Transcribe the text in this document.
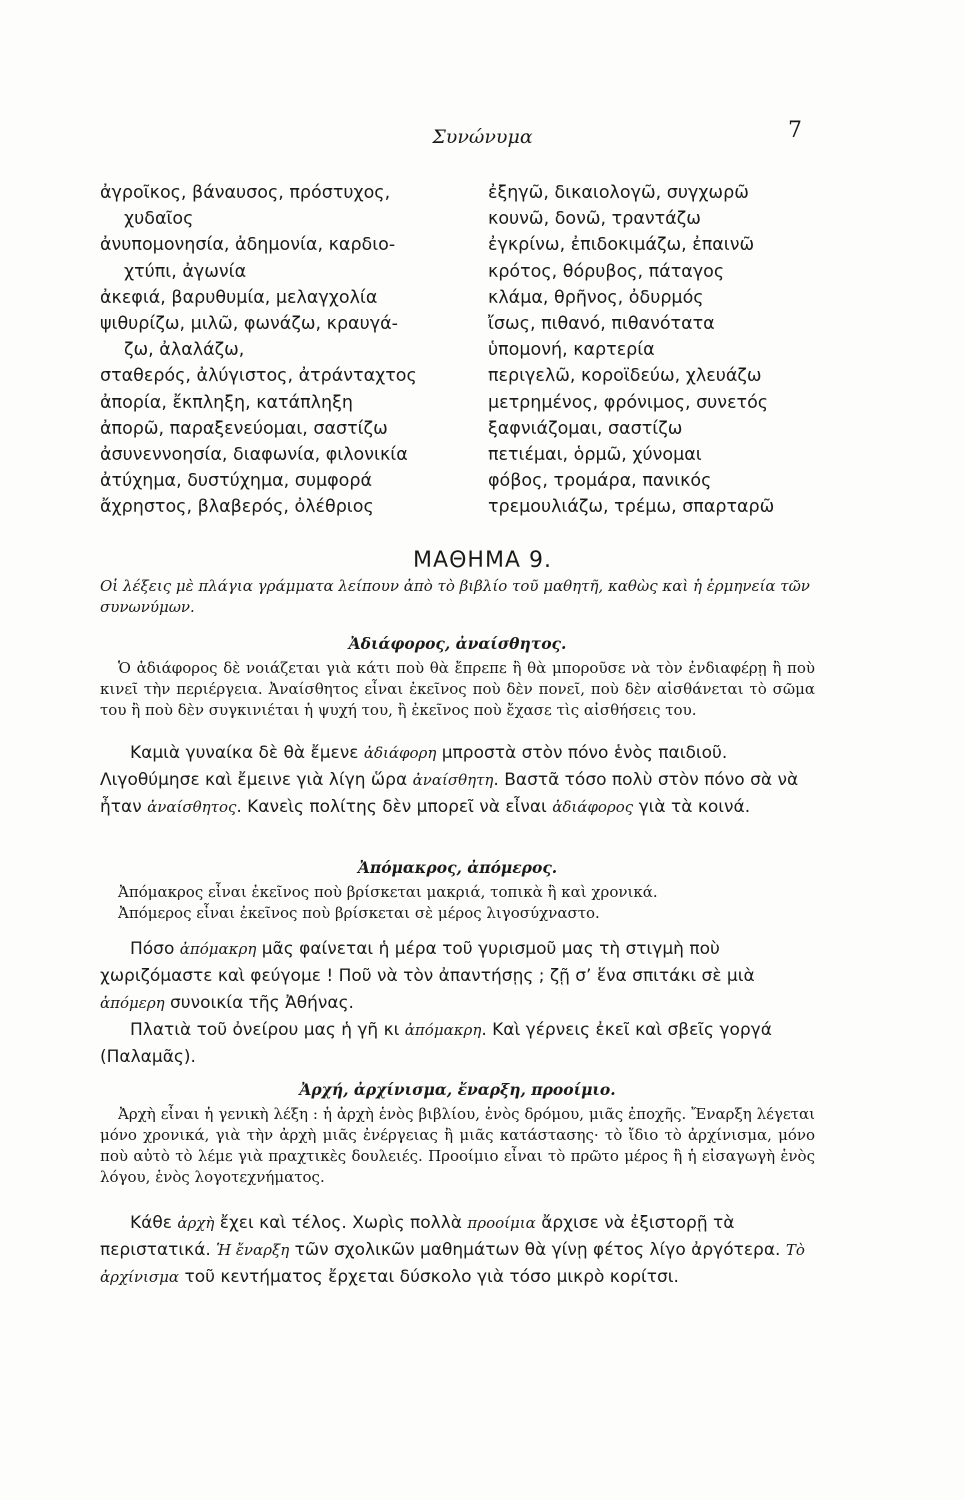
Συνώνυμα	7
ἀγροῖκος, βάναυσος, πρόστυχος,
χυδαῖος
ἀνυπομονησία, ἀδημονία, καρδιο-
χτύπι, ἀγωνία
ἀκεφιά, βαρυθυμία, μελαγχολία
ψιθυρίζω, μιλῶ, φωνάζω, κραυγά-
ζω, ἀλαλάζω,
σταθερός, ἀλύγιστος, ἀτράνταχτος
ἀπορία, ἔκπληξη, κατάπληξη
ἀπορῶ, παραξενεύομαι, σαστίζω
ἀσυνεννοησία, διαφωνία, φιλονικία
ἀτύχημα, δυστύχημα, συμφορά
ἄχρηστος, βλαβερός, ὀλέθριος
ἐξηγῶ, δικαιολογῶ, συγχωρῶ
κουνῶ, δονῶ, τραντάζω
ἐγκρίνω, ἐπιδοκιμάζω, ἐπαινῶ
κρότος, θόρυβος, πάταγος
κλάμα, θρῆνος, ὀδυρμός
ἴσως, πιθανό, πιθανότατα
ὑπομονή, καρτερία
περιγελῶ, κοροϊδεύω, χλευάζω
μετρημένος, φρόνιμος, συνετός
ξαφνιάζομαι, σαστίζω
πετιέμαι, ὁρμῶ, χύνομαι
φόβος, τρομάρα, πανικός
τρεμουλιάζω, τρέμω, σπαρταρῶ
ΜΑΘΗΜΑ 9.
Οἱ λέξεις μὲ πλάγια γράμματα λείπουν ἀπὸ τὸ βιβλίο τοῦ μαθητῆ, καθὼς καὶ ἡ ἑρμηνεία τῶν συνωνύμων.
Ἀδιάφορος, ἀναίσθητος.

Ὁ ἀδιάφορος δὲ νοιάζεται γιὰ κάτι ποὺ θὰ ἔπρεπε ἢ θὰ μποροῦσε νὰ τὸν ἐνδιαφέρῃ ἢ ποὺ κινεῖ τὴν περιέργεια. Ἀναίσθητος εἶναι ἐκεῖνος ποὺ δὲν πονεῖ, ποὺ δὲν αἰσθάνεται τὸ σῶμα του ἢ ποὺ δὲν συγκινιέται ἡ ψυχή του, ἢ ἐκεῖνος ποὺ ἔχασε τὶς αἰσθήσεις του.

Καμιὰ γυναίκα δὲ θὰ ἔμενε ἀδιάφορη μπροστὰ στὸν πόνο ἑνὸς παιδιοῦ. Λιγοθύμησε καὶ ἔμεινε γιὰ λίγη ὥρα ἀναίσθητη. Βαστᾶ τόσο πολὺ στὸν πόνο σὰ νὰ ἦταν ἀναίσθητος. Κανεὶς πολίτης δὲν μπορεῖ νὰ εἶναι ἀδιάφορος γιὰ τὰ κοινά.

Ἀπόμακρος, ἀπόμερος.

Ἀπόμακρος εἶναι ἐκεῖνος ποὺ βρίσκεται μακριά, τοπικὰ ἢ καὶ χρονικά.

Ἀπόμερος εἶναι ἐκεῖνος ποὺ βρίσκεται σὲ μέρος λιγοσύχναστο.

Πόσο ἀπόμακρη μᾶς φαίνεται ἡ μέρα τοῦ γυρισμοῦ μας τὴ στιγμὴ ποὺ χωριζόμαστε καὶ φεύγομε ! Ποῦ νὰ τὸν ἀπαντήσῃς ; ζῇ σ’ ἕνα σπιτάκι σὲ μιὰ ἀπόμερη συνοικία τῆς Ἀθήνας.

Πλατιὰ τοῦ ὀνείρου μας ἡ γῆ κι ἀπόμακρη. Καὶ γέρνεις ἐκεῖ καὶ σβεῖς γοργά (Παλαμᾶς).

Ἀρχή, ἀρχίνισμα, ἔναρξη, προοίμιο.

Ἀρχὴ εἶναι ἡ γενικὴ λέξη : ἡ ἀρχὴ ἑνὸς βιβλίου, ἑνὸς δρόμου, μιᾶς ἐποχῆς. Ἔναρξη λέγεται μόνο χρονικά, γιὰ τὴν ἀρχὴ μιᾶς ἐνέργειας ἢ μιᾶς κατάστασης· τὸ ἴδιο τὸ ἀρχίνισμα, μόνο ποὺ αὐτὸ τὸ λέμε γιὰ πραχτικὲς δουλειές. Προοίμιο εἶναι τὸ πρῶτο μέρος ἢ ἡ εἰσαγωγὴ ἑνὸς λόγου, ἑνὸς λογοτεχνήματος.

Κάθε ἀρχὴ ἔχει καὶ τέλος. Χωρὶς πολλὰ προοίμια ἄρχισε νὰ ἐξιστορῇ τὰ περιστατικά. Ἡ ἔναρξη τῶν σχολικῶν μαθημάτων θὰ γίνῃ φέτος λίγο ἀργότερα. Τὸ ἀρχίνισμα τοῦ κεντήματος ἔρχεται δύσκολο γιὰ τόσο μικρὸ κορίτσι.
